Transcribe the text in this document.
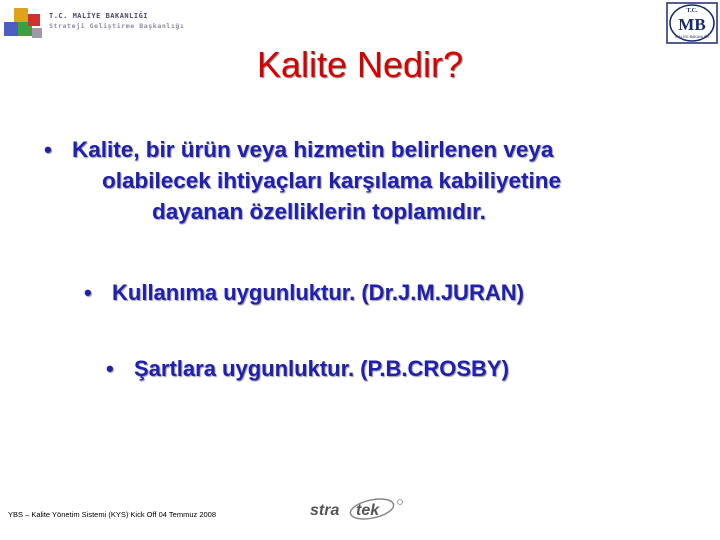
T.C. MALİYE BAKANLIĞI
Strateji Geliştirme Başkanlığı
T.C.
MB
MALİYE BAKANLIĞI
Kalite Nedir?
• Kalite, bir ürün veya hizmetin belirlenen veya
olabilecek ihtiyaçları karşılama kabiliyetine
dayanan özelliklerin toplamıdır.
• Kullanıma uygunluktur. (Dr.J.M.JURAN)
• Şartlara uygunluktur. (P.B.CROSBY)
YBS – Kalite Yönetim Sistemi (KYS) Kick Off 04 Temmuz 2008	stra tek
